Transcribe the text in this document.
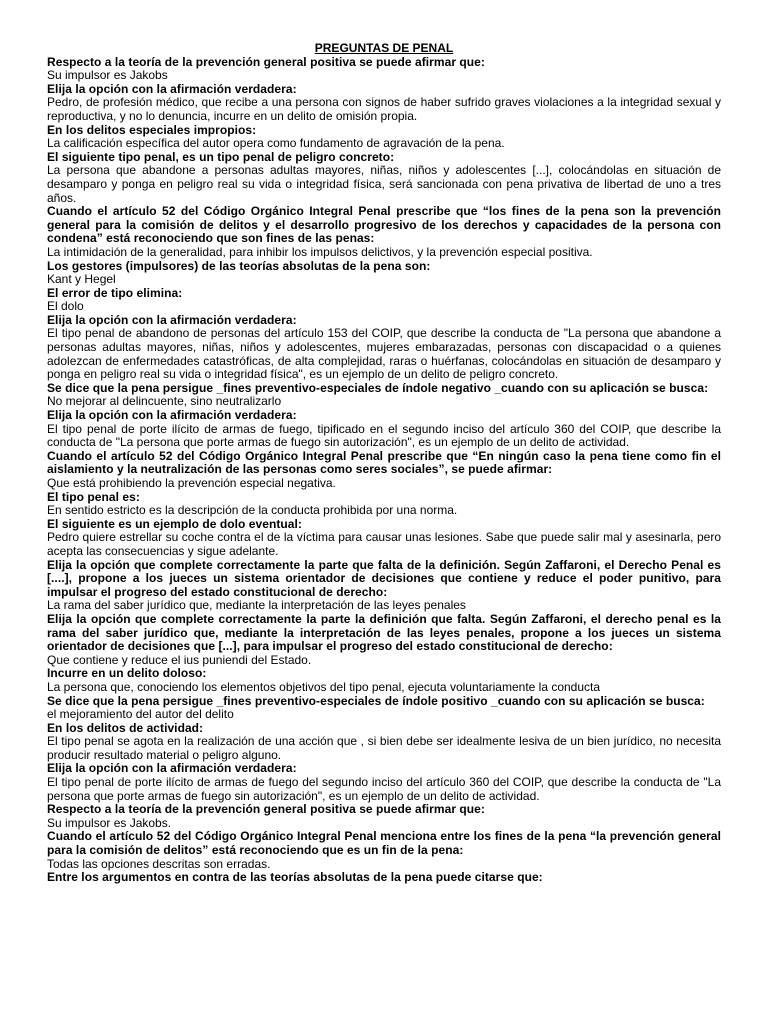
PREGUNTAS DE PENAL

Respecto a la teoría de la prevención general positiva se puede afirmar que:

Su impulsor es Jakobs

Elija la opción con la afirmación verdadera:

Pedro, de profesión médico, que recibe a una persona con signos de haber sufrido graves violaciones a la integridad sexual y reproductiva, y no lo denuncia, incurre en un delito de omisión propia.

En los delitos especiales impropios:

La calificación específica del autor opera como fundamento de agravación de la pena.

El siguiente tipo penal, es un tipo penal de peligro concreto:

La persona que abandone a personas adultas mayores, niñas, niños y adolescentes [...], colocándolas en situación de desamparo y ponga en peligro real su vida o integridad física, será sancionada con pena privativa de libertad de uno a tres años.

Cuando el artículo 52 del Código Orgánico Integral Penal prescribe que “los fines de la pena son la prevención general para la comisión de delitos y el desarrollo progresivo de los derechos y capacidades de la persona con condena” está reconociendo que son fines de las penas:

La intimidación de la generalidad, para inhibir los impulsos delictivos, y la prevención especial positiva.

Los gestores (impulsores) de las teorías absolutas de la pena son:

Kant y Hegel

El error de tipo elimina:

El dolo

Elija la opción con la afirmación verdadera:

El tipo penal de abandono de personas del artículo 153 del COIP, que describe la conducta de "La persona que abandone a personas adultas mayores, niñas, niños y adolescentes, mujeres embarazadas, personas con discapacidad o a quienes adolezcan de enfermedades catastróficas, de alta complejidad, raras o huérfanas, colocándolas en situación de desamparo y ponga en peligro real su vida o integridad física", es un ejemplo de un delito de peligro concreto.

Se dice que la pena persigue _fines preventivo-especiales de índole negativo _cuando con su aplicación se busca:

No mejorar al delincuente, sino neutralizarlo

Elija la opción con la afirmación verdadera:

El tipo penal de porte ilícito de armas de fuego, tipificado en el segundo inciso del artículo 360 del COIP, que describe la conducta de "La persona que porte armas de fuego sin autorización", es un ejemplo de un delito de actividad.

Cuando el artículo 52 del Código Orgánico Integral Penal prescribe que “En ningún caso la pena tiene como fin el aislamiento y la neutralización de las personas como seres sociales”, se puede afirmar:

Que está prohibiendo la prevención especial negativa.

El tipo penal es:

En sentido estricto es la descripción de la conducta prohibida por una norma.

El siguiente es un ejemplo de dolo eventual:

Pedro quiere estrellar su coche contra el de la víctima para causar unas lesiones. Sabe que puede salir mal y asesinarla, pero acepta las consecuencias y sigue adelante.

Elija la opción que complete correctamente la parte que falta de la definición. Según Zaffaroni, el Derecho Penal es [....], propone a los jueces un sistema orientador de decisiones que contiene y reduce el poder punitivo, para impulsar el progreso del estado constitucional de derecho:

La rama del saber jurídico que, mediante la interpretación de las leyes penales

Elija la opción que complete correctamente la parte la definición que falta. Según Zaffaroni, el derecho penal es la rama del saber jurídico que, mediante la interpretación de las leyes penales, propone a los jueces un sistema orientador de decisiones que [...], para impulsar el progreso del estado constitucional de derecho:

Que contiene y reduce el ius puniendi del Estado.

Incurre en un delito doloso:

La persona que, conociendo los elementos objetivos del tipo penal, ejecuta voluntariamente la conducta

Se dice que la pena persigue _fines preventivo-especiales de índole positivo _cuando con su aplicación se busca:

el mejoramiento del autor del delito

En los delitos de actividad:

El tipo penal se agota en la realización de una acción que , si bien debe ser idealmente lesiva de un bien jurídico, no necesita producir resultado material o peligro alguno.

Elija la opción con la afirmación verdadera:

El tipo penal de porte ilícito de armas de fuego del segundo inciso del artículo 360 del COIP, que describe la conducta de "La persona que porte armas de fuego sin autorización", es un ejemplo de un delito de actividad.

Respecto a la teoría de la prevención general positiva se puede afirmar que:

Su impulsor es Jakobs.

Cuando el artículo 52 del Código Orgánico Integral Penal menciona entre los fines de la pena “la prevención general para la comisión de delitos” está reconociendo que es un fin de la pena:

Todas las opciones descritas son erradas.

Entre los argumentos en contra de las teorías absolutas de la pena puede citarse que:
